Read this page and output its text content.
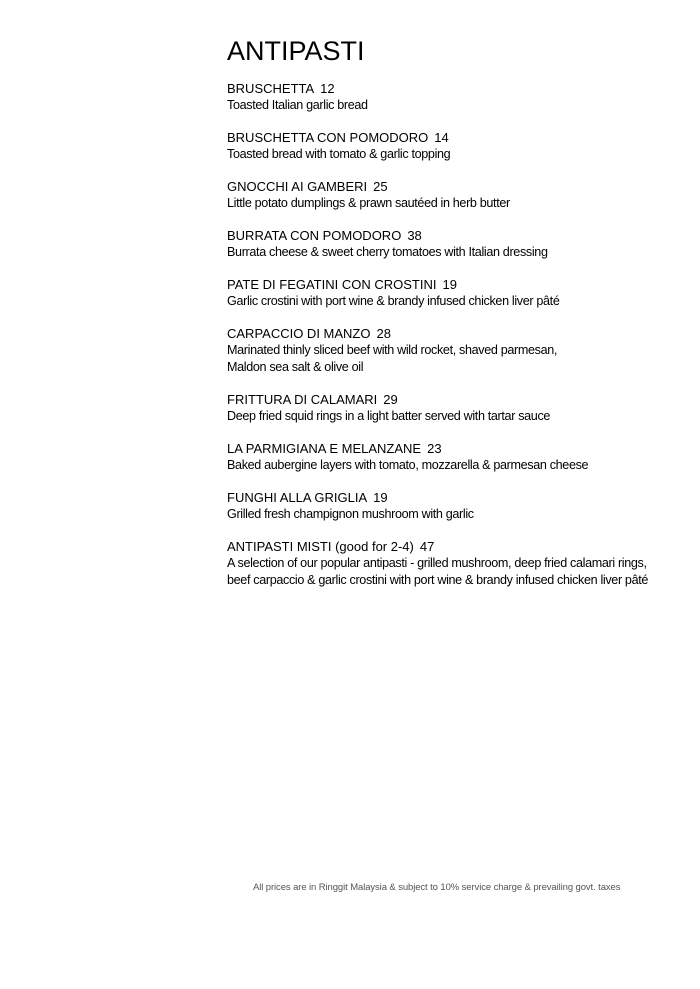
ANTIPASTI
BRUSCHETTA 12
Toasted Italian garlic bread
BRUSCHETTA CON POMODORO 14
Toasted bread with tomato & garlic topping
GNOCCHI AI GAMBERI 25
Little potato dumplings & prawn sautéed in herb butter
BURRATA CON POMODORO 38
Burrata cheese & sweet cherry tomatoes with Italian dressing
PATE DI FEGATINI CON CROSTINI 19
Garlic crostini with port wine & brandy infused chicken liver pâté
CARPACCIO DI MANZO 28
Marinated thinly sliced beef with wild rocket, shaved parmesan,
Maldon sea salt & olive oil
FRITTURA DI CALAMARI 29
Deep fried squid rings in a light batter served with tartar sauce
LA PARMIGIANA E MELANZANE 23
Baked aubergine layers with tomato, mozzarella & parmesan cheese
FUNGHI ALLA GRIGLIA 19
Grilled fresh champignon mushroom with garlic
ANTIPASTI MISTI (good for 2-4) 47
A selection of our popular antipasti - grilled mushroom, deep fried calamari rings,
beef carpaccio & garlic crostini with port wine & brandy infused chicken liver pâté
All prices are in Ringgit Malaysia & subject to 10% service charge & prevailing govt. taxes
